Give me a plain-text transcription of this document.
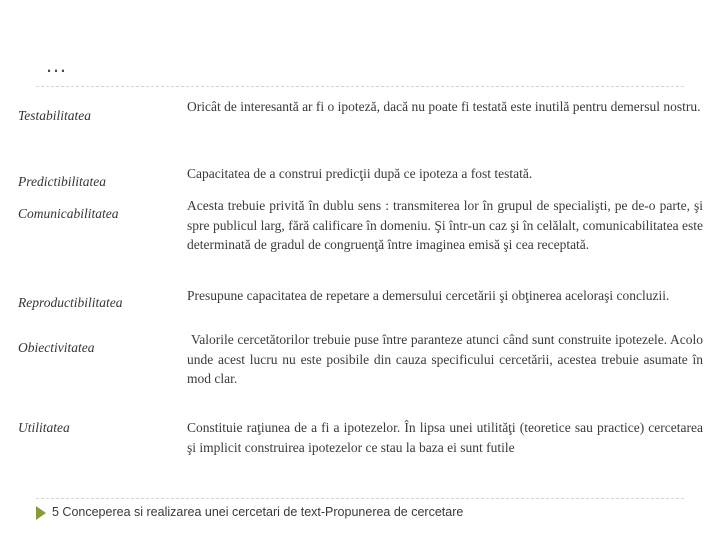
…
Testabilitatea
Oricât de interesantă ar fi o ipoteză, dacă nu poate fi testată este inutilă pentru demersul nostru.
Predictibilitatea
Capacitatea de a construi predicţii după ce ipoteza a fost testată.
Comunicabilitatea
Acesta trebuie privită în dublu sens : transmiterea lor în grupul de specialişti, pe de-o parte, şi spre publicul larg, fără calificare în domeniu. Şi într-un caz şi în celălalt, comunicabilitatea este determinată de gradul de congruenţă între imaginea emisă şi cea receptată.
Reproductibilitatea	Presupune capacitatea de repetare a demersului cercetării şi obţinerea aceloraşi concluzii.
Obiectivitatea
Valorile cercetătorilor trebuie puse între paranteze atunci când sunt construite ipotezele. Acolo unde acest lucru nu este posibile din cauza specificului cercetării, acestea trebuie asumate în mod clar.
Utilitatea	Constituie raţiunea de a fi a ipotezelor. În lipsa unei utilităţi (teoretice sau practice) cercetarea şi implicit construirea ipotezelor ce stau la baza ei sunt futile
5 Conceperea si realizarea unei cercetari de text-Propunerea de cercetare
